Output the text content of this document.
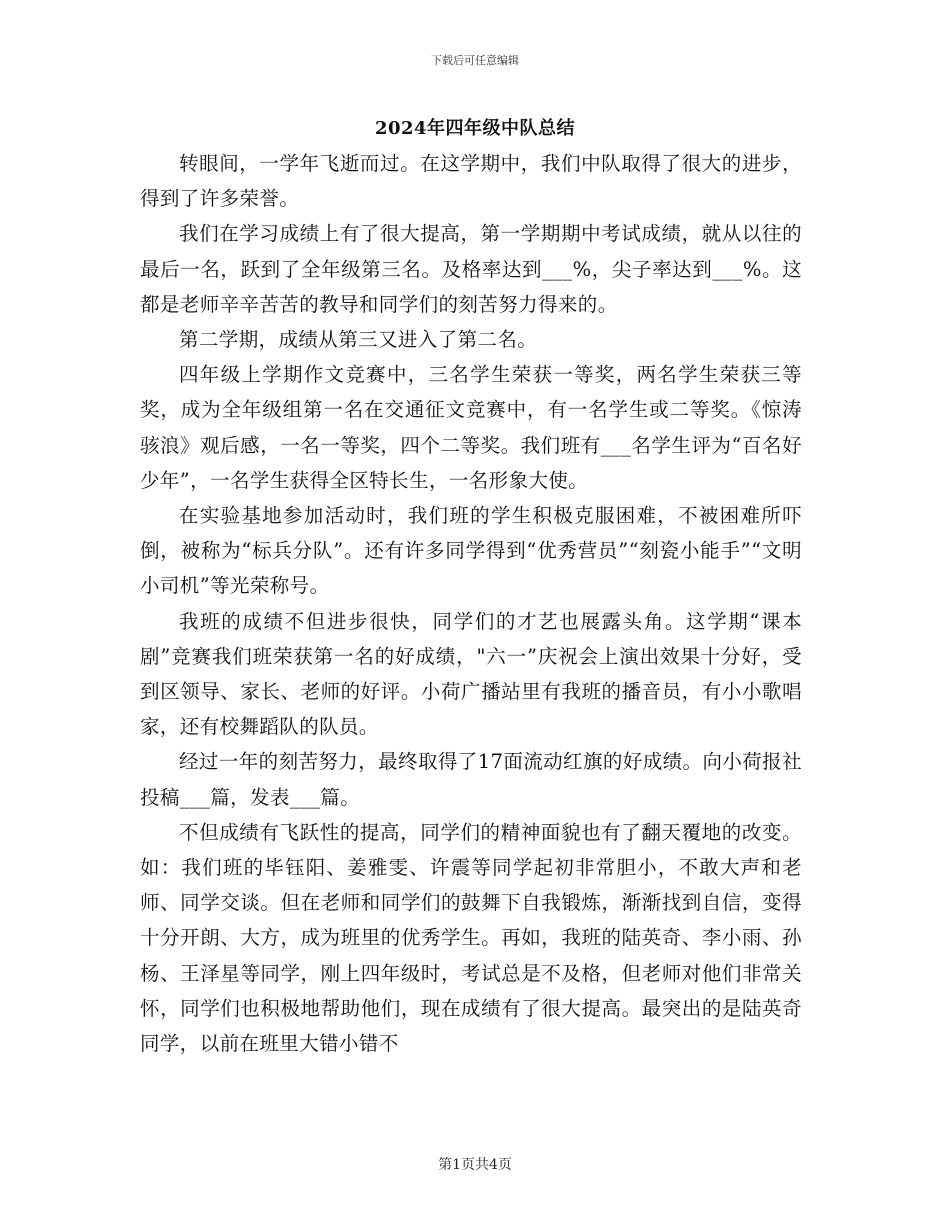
下载后可任意编辑
2024年四年级中队总结

转眼间，一学年飞逝而过。在这学期中，我们中队取得了很大的进步，得到了许多荣誉。

我们在学习成绩上有了很大提高，第一学期期中考试成绩，就从以往的最后一名，跃到了全年级第三名。及格率达到___%，尖子率达到___%。这都是老师辛辛苦苦的教导和同学们的刻苦努力得来的。

第二学期，成绩从第三又进入了第二名。

四年级上学期作文竞赛中，三名学生荣获一等奖，两名学生荣获三等奖，成为全年级组第一名在交通征文竞赛中，有一名学生或二等奖。《惊涛骇浪》观后感，一名一等奖，四个二等奖。我们班有___名学生评为“百名好少年”，一名学生获得全区特长生，一名形象大使。

在实验基地参加活动时，我们班的学生积极克服困难，不被困难所吓倒，被称为“标兵分队”。还有许多同学得到“优秀营员”“刻瓷小能手”“文明小司机”等光荣称号。

我班的成绩不但进步很快，同学们的才艺也展露头角。这学期“课本剧”竞赛我们班荣获第一名的好成绩，"六一”庆祝会上演出效果十分好，受到区领导、家长、老师的好评。小荷广播站里有我班的播音员，有小小歌唱家，还有校舞蹈队的队员。

经过一年的刻苦努力，最终取得了17面流动红旗的好成绩。向小荷报社投稿___篇，发表___篇。

不但成绩有飞跃性的提高，同学们的精神面貌也有了翻天覆地的改变。如：我们班的毕钰阳、姜雅雯、许震等同学起初非常胆小，不敢大声和老师、同学交谈。但在老师和同学们的鼓舞下自我锻炼，渐渐找到自信，变得十分开朗、大方，成为班里的优秀学生。再如，我班的陆英奇、李小雨、孙杨、王泽星等同学，刚上四年级时，考试总是不及格，但老师对他们非常关怀，同学们也积极地帮助他们，现在成绩有了很大提高。最突出的是陆英奇同学，以前在班里大错小错不

第1页共4页
